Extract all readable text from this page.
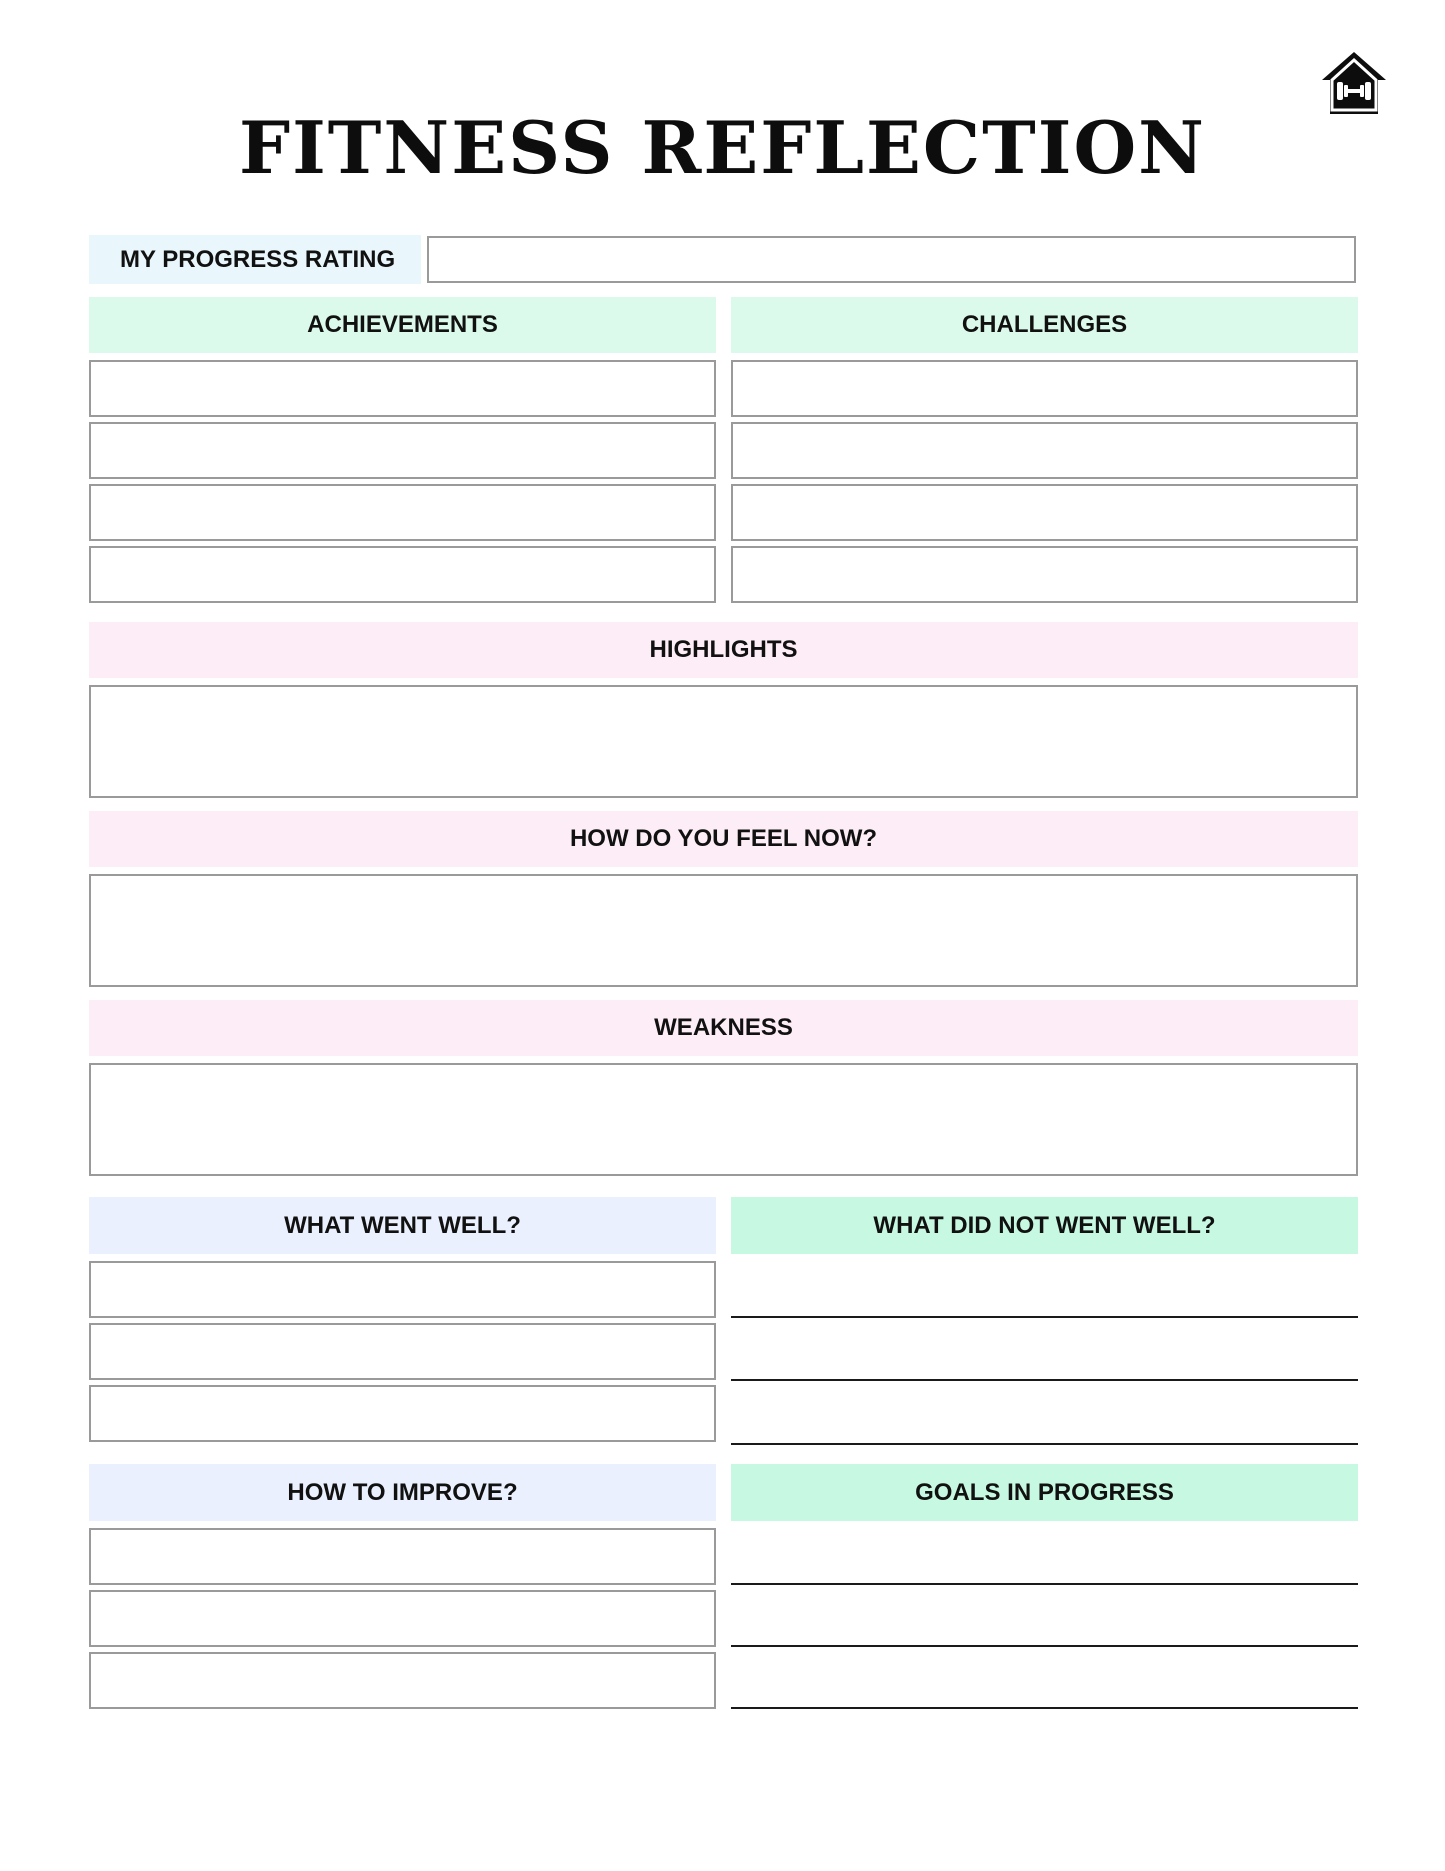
FITNESS REFLECTION
MY PROGRESS RATING
ACHIEVEMENTS	CHALLENGES
HIGHLIGHTS
HOW DO YOU FEEL NOW?
WEAKNESS
WHAT WENT WELL?	WHAT DID NOT WENT WELL?
HOW TO IMPROVE?	GOALS IN PROGRESS
